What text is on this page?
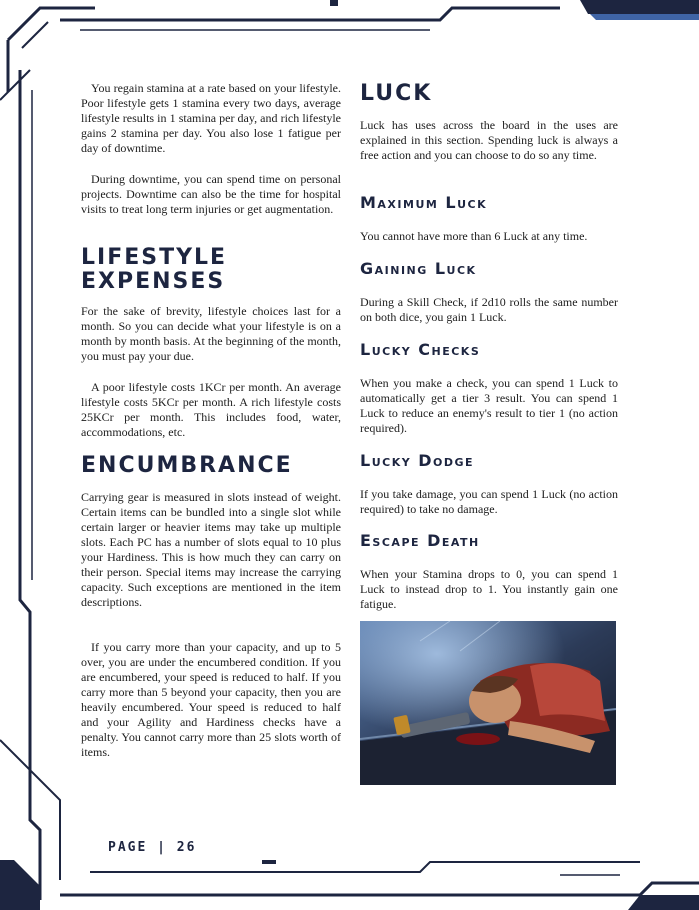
You regain stamina at a rate based on your lifestyle. Poor lifestyle gets 1 stamina every two days, average lifestyle results in 1 stamina per day, and rich lifestyle gains 2 stamina per day. You also lose 1 fatigue per day of downtime.

During downtime, you can spend time on personal projects. Downtime can also be the time for hospital visits to treat long term injuries or get augmentation.

LIFESTYLE
EXPENSES

For the sake of brevity, lifestyle choices last for a month. So you can decide what your lifestyle is on a month by month basis. At the beginning of the month, you must pay your due.

A poor lifestyle costs 1KCr per month. An average lifestyle costs 5KCr per month. A rich lifestyle costs 25KCr per month. This includes food, water, accommodations, etc.

ENCUMBRANCE

Carrying gear is measured in slots instead of weight. Certain items can be bundled into a single slot while certain larger or heavier items may take up multiple slots. Each PC has a number of slots equal to 10 plus your Hardiness. This is how much they can carry on their person. Special items may increase the carrying capacity. Such exceptions are mentioned in the item descriptions.

If you carry more than your capacity, and up to 5 over, you are under the encumbered condition. If you are encumbered, your speed is reduced to half. If you carry more than 5 beyond your capacity, then you are heavily encumbered. Your speed is reduced to half and your Agility and Hardiness checks have a penalty. You cannot carry more than 25 slots worth of items.

LUCK

Luck has uses across the board in the uses are explained in this section. Spending luck is always a free action and you can choose to do so any time.

Maximum Luck

You cannot have more than 6 Luck at any time.

Gaining Luck

During a Skill Check, if 2d10 rolls the same number on both dice, you gain 1 Luck.

Lucky Checks

When you make a check, you can spend 1 Luck to automatically get a tier 3 result. You can spend 1 Luck to reduce an enemy's result to tier 1 (no action required).

Lucky Dodge

If you take damage, you can spend 1 Luck (no action required) to take no damage.

Escape Death

When your Stamina drops to 0, you can spend 1 Luck to instead drop to 1. You instantly gain one fatigue.

PAGE | 26
